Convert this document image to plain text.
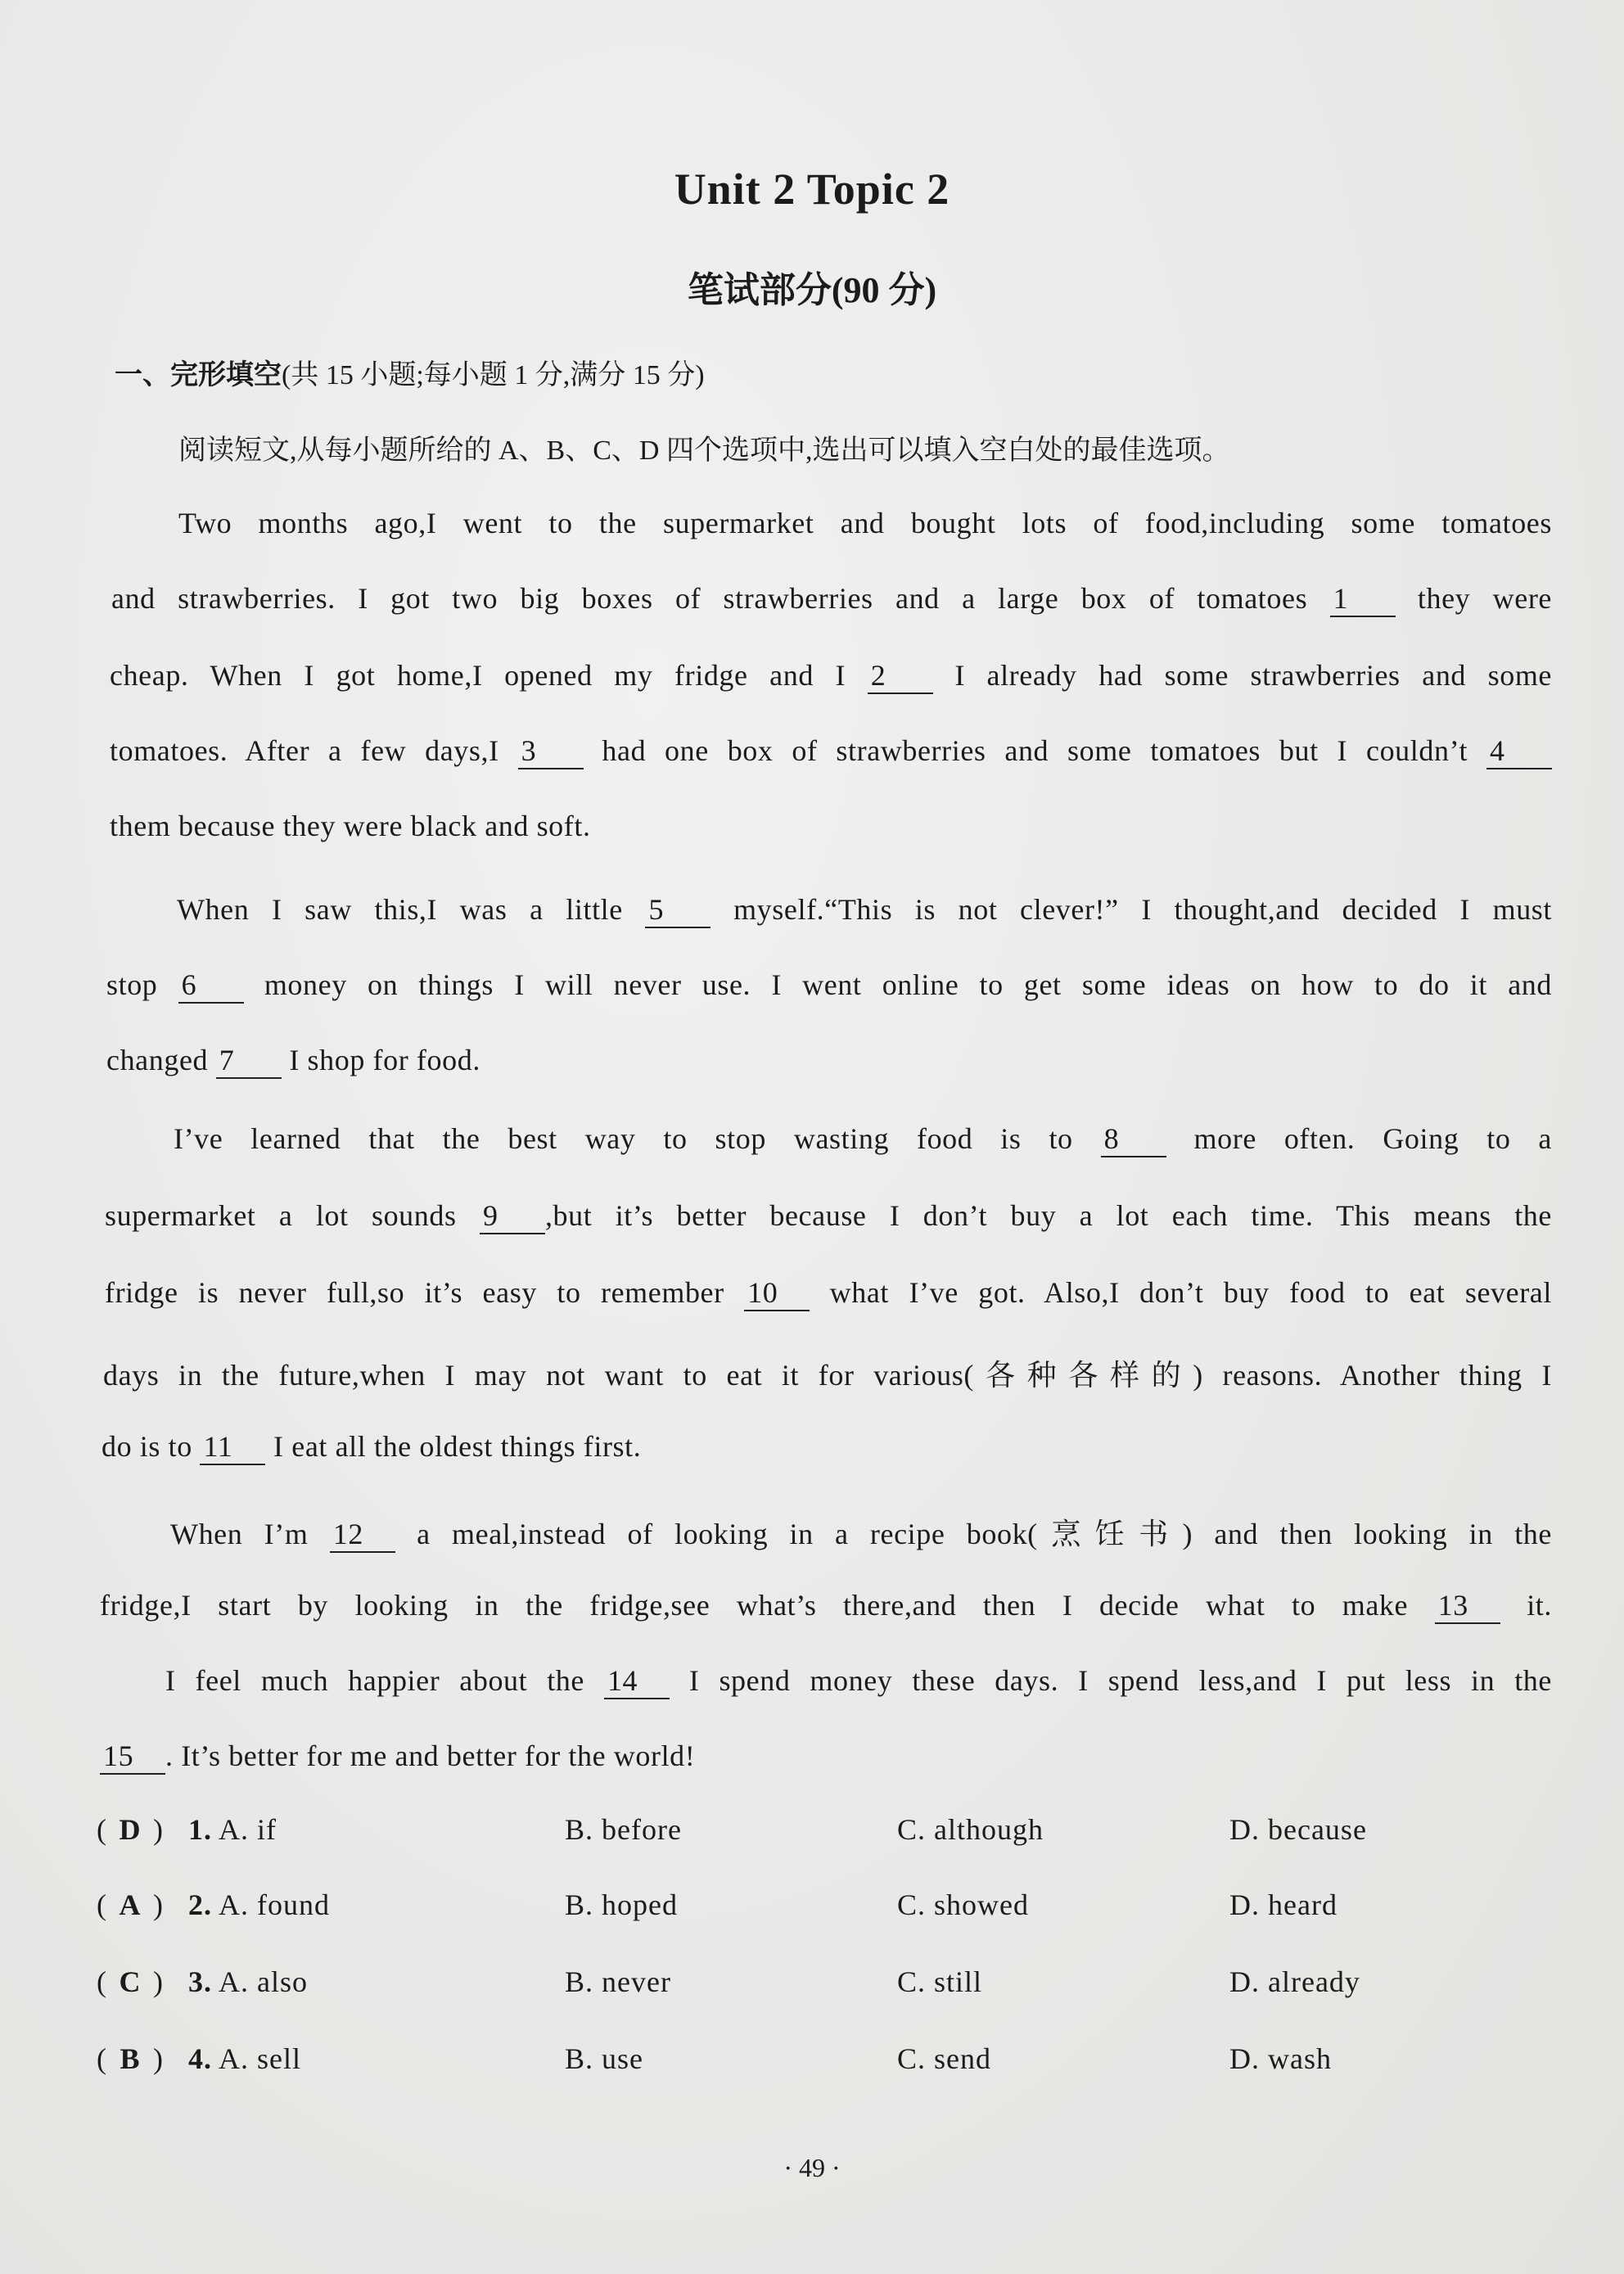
Unit 2 Topic 2
笔试部分(90 分)
一、完形填空(共 15 小题;每小题 1 分,满分 15 分)
阅读短文,从每小题所给的 A、B、C、D 四个选项中,选出可以填入空白处的最佳选项。
Two months ago,I went to the supermarket and bought lots of food,including some tomatoes
and strawberries. I got two big boxes of strawberries and a large box of tomatoes 1 they were
cheap. When I got home,I opened my fridge and I 2 I already had some strawberries and some
tomatoes. After a few days,I 3 had one box of strawberries and some tomatoes but I couldn’t 4
them because they were black and soft.
When I saw this,I was a little 5 myself.“This is not clever!” I thought,and decided I must
stop 6 money on things I will never use. I went online to get some ideas on how to do it and
changed 7 I shop for food.
I’ve learned that the best way to stop wasting food is to 8	more often. Going to a
supermarket a lot sounds 9 ,but it’s better because I don’t buy a lot each time. This means the
fridge is never full,so it’s easy to remember 10 what I’ve got. Also,I don’t buy food to eat several
days in the future,when I may not want to eat it for various(各种各样的) reasons. Another thing I
do is to 11 I eat all the oldest things first.
When I’m 12 a meal,instead of looking in a recipe book(烹饪书) and then looking in the
fridge,I start by looking in the fridge,see what’s there,and then I decide what to make 13 it.
I feel much happier about the 14 I spend money these days. I spend less,and I put less in the
15 . It’s better for me and better for the world!
( D ) 1. A. if	B. before	C. although	D. because
( A ) 2. A. found	B. hoped	C. showed	D. heard
( C ) 3. A. also	B. never	C. still	D. already
( B ) 4. A. sell	B. use	C. send	D. wash
· 49 ·
